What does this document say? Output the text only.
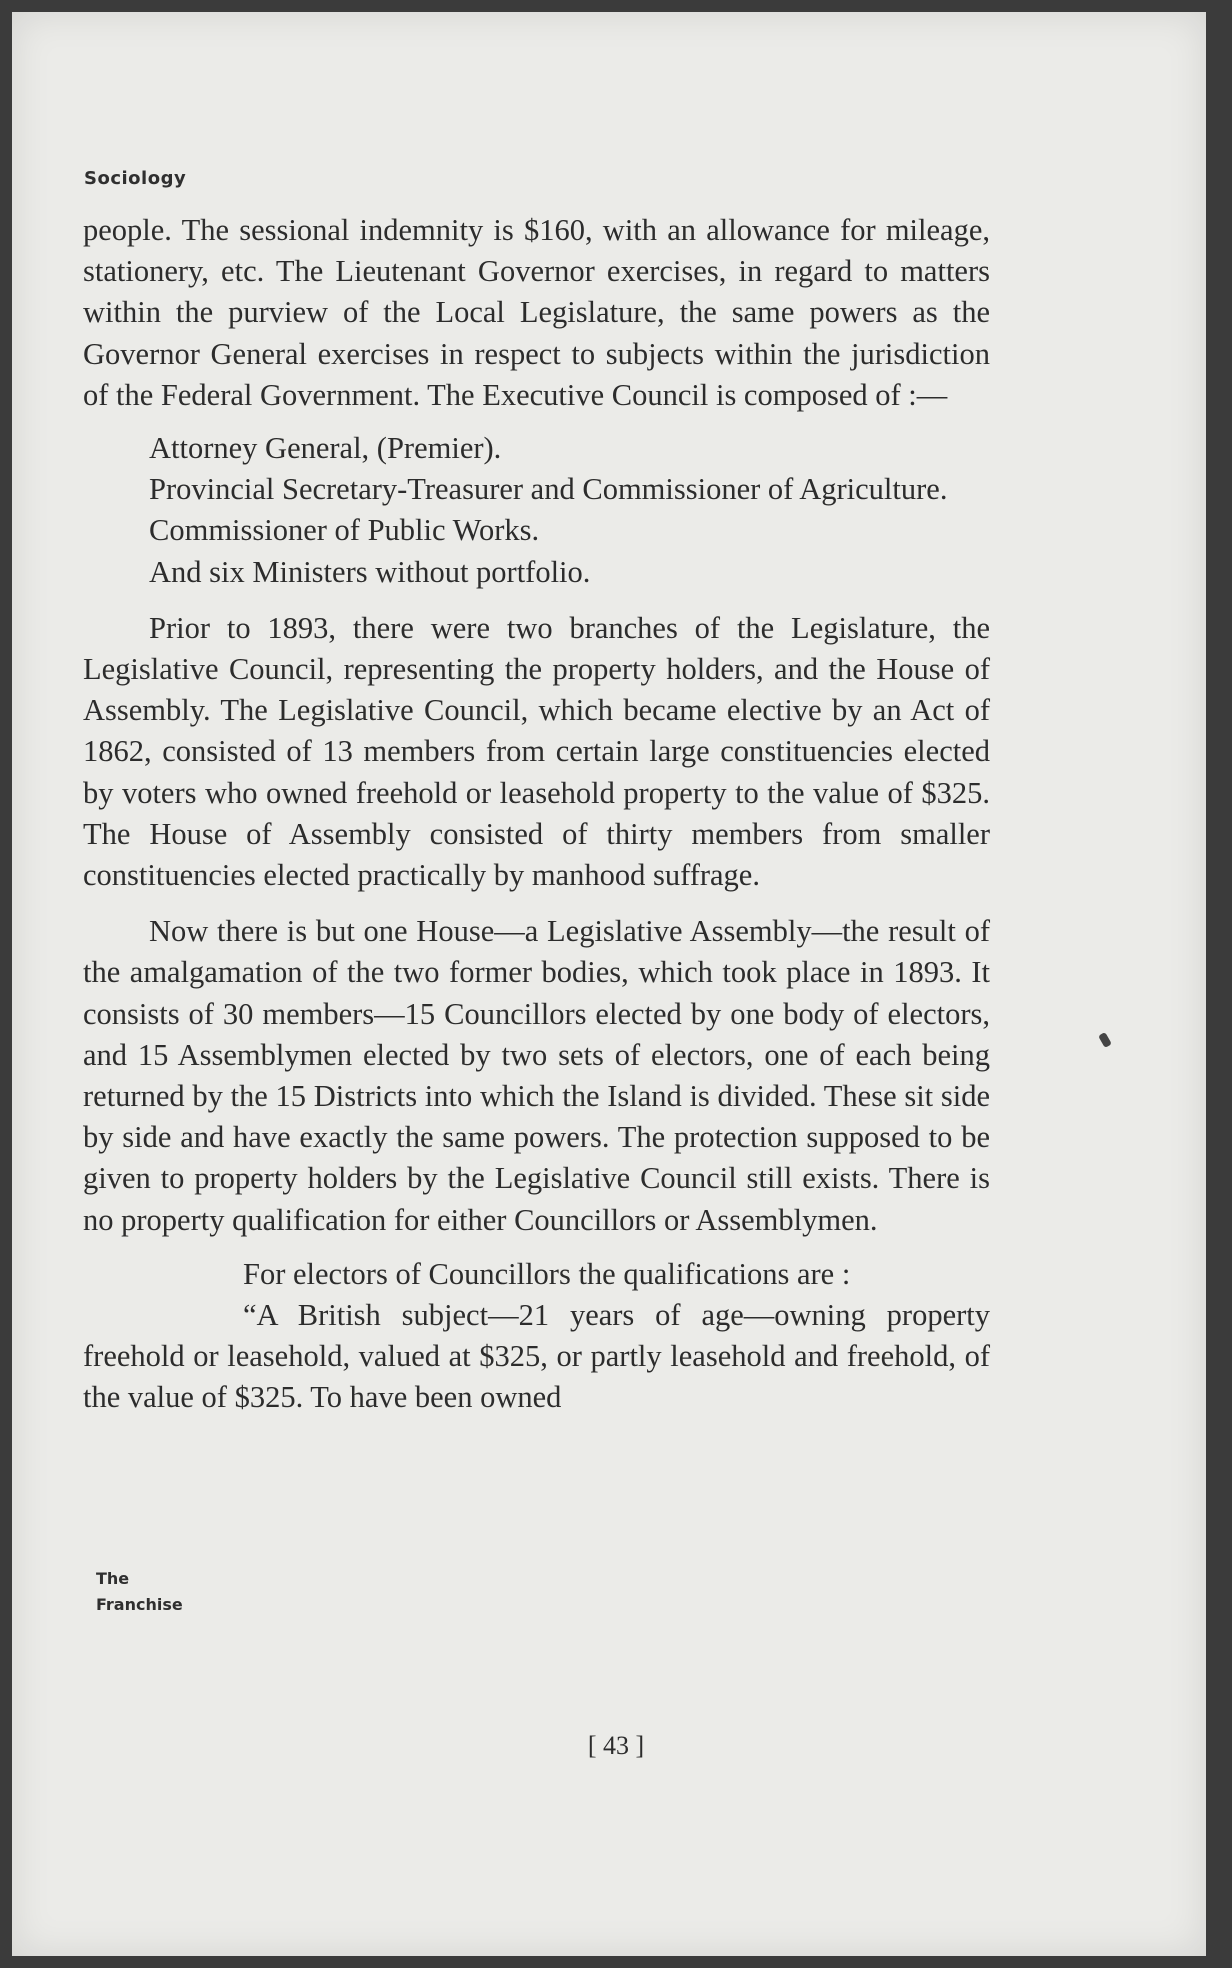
Sociology

people. The sessional indemnity is $160, with an allowance for mileage, stationery, etc. The Lieutenant Governor exercises, in regard to matters within the purview of the Local Legislature, the same powers as the Governor General exercises in respect to subjects within the jurisdiction of the Federal Government. The Executive Council is composed of :—

Attorney General, (Premier).
Provincial Secretary-Treasurer and Commissioner of Agriculture.
Commissioner of Public Works.
And six Ministers without portfolio.

Prior to 1893, there were two branches of the Legislature, the Legislative Council, representing the property holders, and the House of Assembly. The Legislative Council, which became elective by an Act of 1862, consisted of 13 members from certain large constituencies elected by voters who owned freehold or leasehold property to the value of $325. The House of Assembly consisted of thirty members from smaller constituencies elected practically by manhood suffrage.

Now there is but one House—a Legislative Assembly—the result of the amalgamation of the two former bodies, which took place in 1893. It consists of 30 members—15 Councillors elected by one body of electors, and 15 Assemblymen elected by two sets of electors, one of each being returned by the 15 Districts into which the Island is divided. These sit side by side and have exactly the same powers. The protection supposed to be given to property holders by the Legislative Council still exists. There is no property qualification for either Councillors or Assemblymen.

For electors of Councillors the qualifications are :

“A British subject—21 years of age—owning property freehold or leasehold, valued at $325, or partly leasehold and freehold, of the value of $325. To have been owned

The
Franchise
[ 43 ]
